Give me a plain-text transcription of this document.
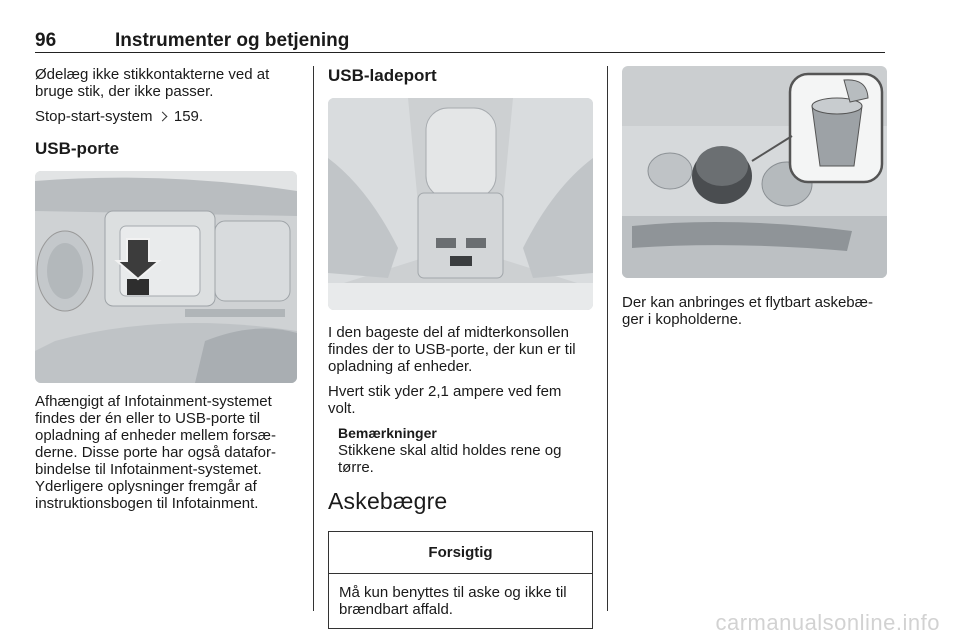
96	Instrumenter og betjening

Ødelæg ikke stikkontakterne ved at bruge stik, der ikke passer.

Stop-start-system 159.

USB-porte

Afhængigt af Infotainment-systemet findes der én eller to USB-porte til opladning af enheder mellem forsæ-derne. Disse porte har også datafor-bindelse til Infotainment-systemet. Yderligere oplysninger fremgår af instruktionsbogen til Infotainment.

USB-ladeport

I den bageste del af midterkonsollen findes der to USB-porte, der kun er til opladning af enheder.

Hvert stik yder 2,1 ampere ved fem volt.

Bemærkninger
Stikkene skal altid holdes rene og tørre.
Askebægre
Forsigtig
Må kun benyttes til aske og ikke til brændbart affald.

Der kan anbringes et flytbart askebæ-ger i kopholderne.

carmanualsonline.info
